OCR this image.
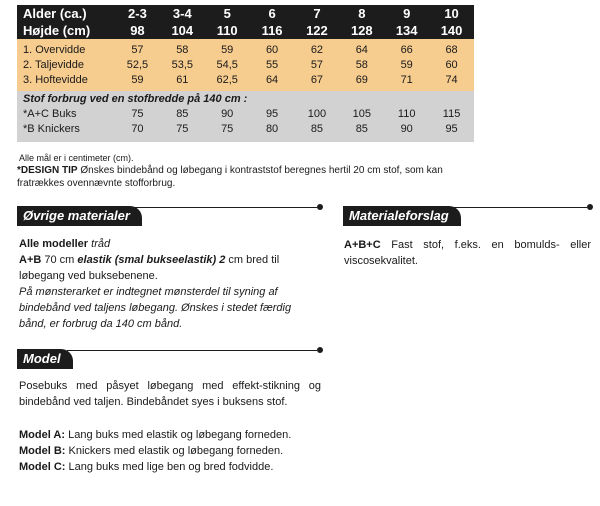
Alder (ca.)	2-3	3-4	5	6	7	8	9	10
Højde (cm)	98	104	110	116	122	128	134	140
1. Overvidde	57	58	59	60	62	64	66	68
2. Taljevidde	52,5	53,5	54,5	55	57	58	59	60
3. Hoftevidde	59	61	62,5	64	67	69	71	74
Stof forbrug ved en stofbredde på 140 cm :
*A+C Buks	75	85	90	95	100	105	110	115
*B Knickers	70	75	75	80	85	85	90	95
Alle mål er i centimeter (cm).
*DESIGN TIP Ønskes bindebånd og løbegang i kontraststof beregnes hertil 20 cm stof, som kan fratrækkes ovennævnte stofforbrug.
Øvrige materialer

Alle modeller tråd

A+B 70 cm elastik (smal bukseelastik) 2 cm bred til løbegang ved buksebenene.

På mønsterarket er indtegnet mønsterdel til syning af bindebånd ved taljens løbegang. Ønskes i stedet færdig bånd, er forbrug da 140 cm bånd.

Materialeforslag

A+B+C Fast stof, f.eks. en bomulds- eller viscosekvalitet.

Model

Posebuks med påsyet løbegang med effekt-stikning og bindebånd ved taljen. Bindebåndet syes i buksens stof.

Model A: Lang buks med elastik og løbegang forneden.

Model B: Knickers med elastik og løbegang forneden.

Model C: Lang buks med lige ben og bred fodvidde.
